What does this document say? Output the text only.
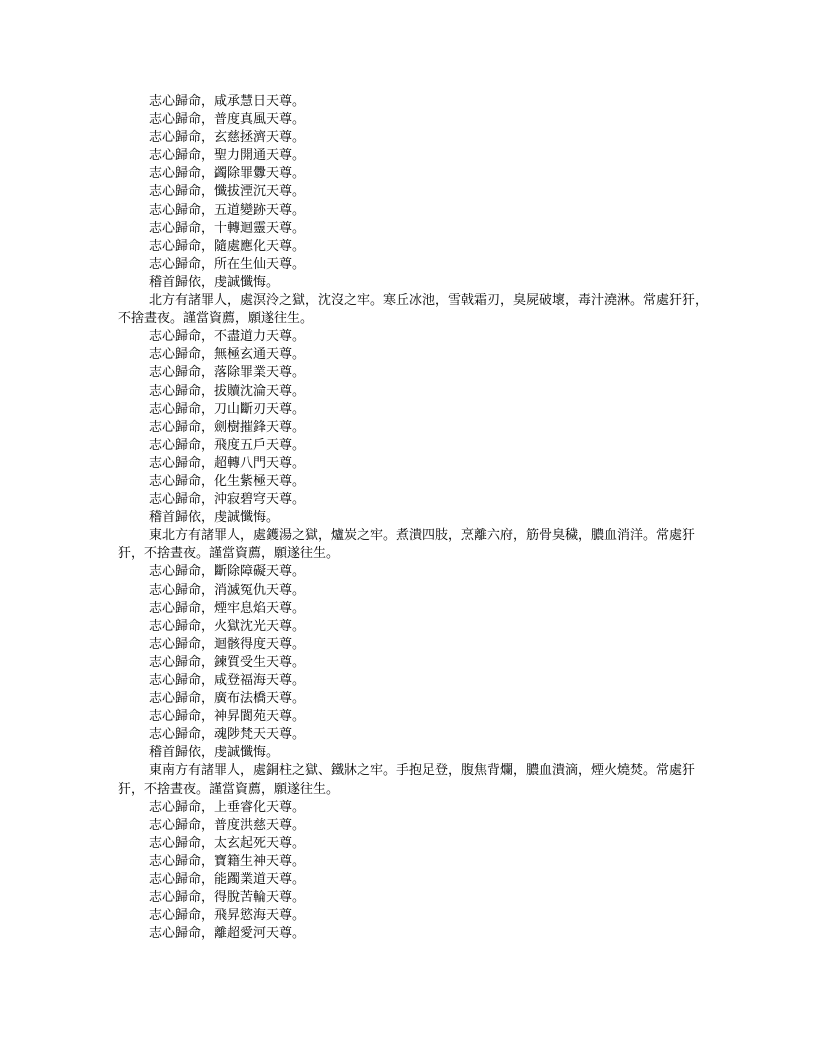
志心歸命，咸承慧日天尊。
志心歸命，普度真風天尊。
志心歸命，玄慈拯濟天尊。
志心歸命，聖力開通天尊。
志心歸命，蠲除罪釁天尊。
志心歸命，懺拔湮沉天尊。
志心歸命，五道變跡天尊。
志心歸命，十轉迴靈天尊。
志心歸命，隨處應化天尊。
志心歸命，所在生仙天尊。
稽首歸依，虔誠懺悔。
北方有諸罪人，處溟泠之獄，沈沒之牢。寒丘冰池，雪戟霜刃，臭屍破壞，毒汁澆淋。常處犴犴，不捨晝夜。謹當資薦，願遂往生。
志心歸命，不盡道力天尊。
志心歸命，無極玄通天尊。
志心歸命，落除罪業天尊。
志心歸命，拔贖沈淪天尊。
志心歸命，刀山斷刃天尊。
志心歸命，劍樹摧鋒天尊。
志心歸命，飛度五戶天尊。
志心歸命，超轉八門天尊。
志心歸命，化生紫極天尊。
志心歸命，沖寂碧穹天尊。
稽首歸依，虔誠懺悔。
東北方有諸罪人，處鑊湯之獄，爐炭之牢。煮潰四肢，烹離六府，筋骨臭穢，膿血消洋。常處犴犴，不捨晝夜。謹當資薦，願遂往生。
志心歸命，斷除障礙天尊。
志心歸命，消滅冤仇天尊。
志心歸命，煙牢息焰天尊。
志心歸命，火獄沈光天尊。
志心歸命，迴骸得度天尊。
志心歸命，鍊質受生天尊。
志心歸命，咸登福海天尊。
志心歸命，廣布法橋天尊。
志心歸命，神昇閬苑天尊。
志心歸命，魂陟梵天天尊。
稽首歸依，虔誠懺悔。
東南方有諸罪人，處銅柱之獄、鐵牀之牢。手抱足登，腹焦背爛，膿血潰滴，煙火燒焚。常處犴犴，不捨晝夜。謹當資薦，願遂往生。
志心歸命，上垂睿化天尊。
志心歸命，普度洪慈天尊。
志心歸命，太玄起死天尊。
志心歸命，寶籍生神天尊。
志心歸命，能躅業道天尊。
志心歸命，得脫苦輪天尊。
志心歸命，飛昇慾海天尊。
志心歸命，離超愛河天尊。
